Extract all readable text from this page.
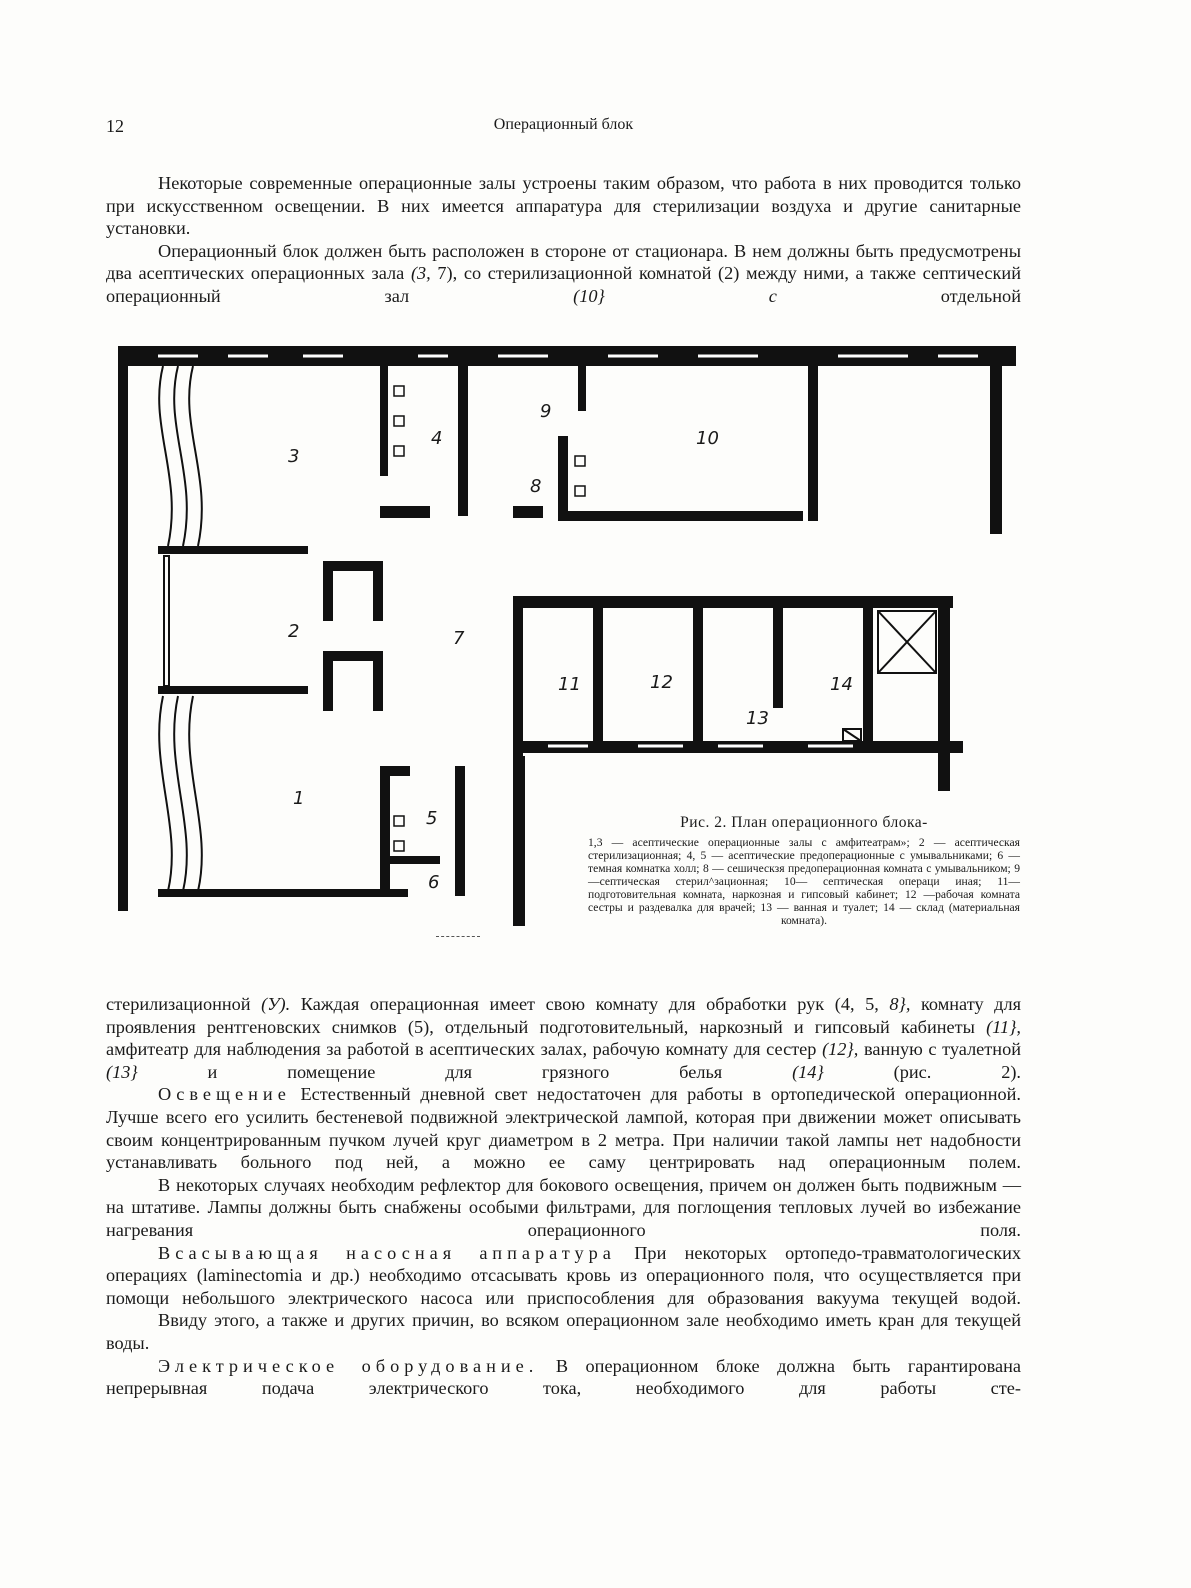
12	Операционный блок

Некоторые современные операционные залы устроены таким образом, что работа в них проводится только при искусственном освещении. В них имеется аппаратура для стерилизации воздуха и другие санитарные установки.

Операционный блок должен быть расположен в стороне от стационара. В нем должны быть предусмотрены два асептических операционных зала (3, 7), со стерилизационной комнатой (2) между ними, а также септический операционный зал (10} с отдельной

3
4
9
8
10
2	7
11	12
13
14
1
5
6
Рис. 2. План операционного блока-
1,3 — асептические операционные залы с амфитеатрам»; 2 — асептическая стерилизационная; 4, 5 — асептические предоперационные с умывальниками; 6 — темная комнатка холл; 8 — сешическзя предоперационная комната с умывальником; 9—септическая стерил^зационная; 10— септическая операци иная; 11—подготовительная комната, наркозная и гипсовый кабинет; 12 —рабочая комната сестры и раздевалка для врачей; 13 — ванная и туалет; 14 — склад (материальная комната).

стерилизационной (У). Каждая операционная имеет свою комнату для обработки рук (4, 5, 8}, комнату для проявления рентгеновских снимков (5), отдельный подготовительный, наркозный и гипсовый кабинеты (11}, амфитеатр для наблюдения за работой в асептических залах, рабочую комнату для сестер (12}, ванную с туалетной (13} и помещение для грязного белья (14} (рис. 2).

Освещение Естественный дневной свет недостаточен для работы в ортопедической операционной. Лучше всего его усилить бестеневой подвижной электрической лампой, которая при движении может описывать своим концентрированным пучком лучей круг диаметром в 2 метра. При наличии такой лампы нет надобности устанавливать больного под ней, а можно ее саму центрировать над операционным полем.

В некоторых случаях необходим рефлектор для бокового освещения, причем он должен быть подвижным — на штативе. Лампы должны быть снабжены особыми фильтрами, для поглощения тепловых лучей во избежание нагревания операционного поля.

Всасывающая насосная аппаратура При некоторых ортопедо-травматологических операциях (laminectomia и др.) необходимо отсасывать кровь из операционного поля, что осуществляется при помощи небольшого электрического насоса или приспособления для образования вакуума текущей водой.

Ввиду этого, а также и других причин, во всяком операционном зале необходимо иметь кран для текущей воды.

Электрическое оборудование. В операционном блоке должна быть гарантирована непрерывная подача электрического тока, необходимого для работы сте-
